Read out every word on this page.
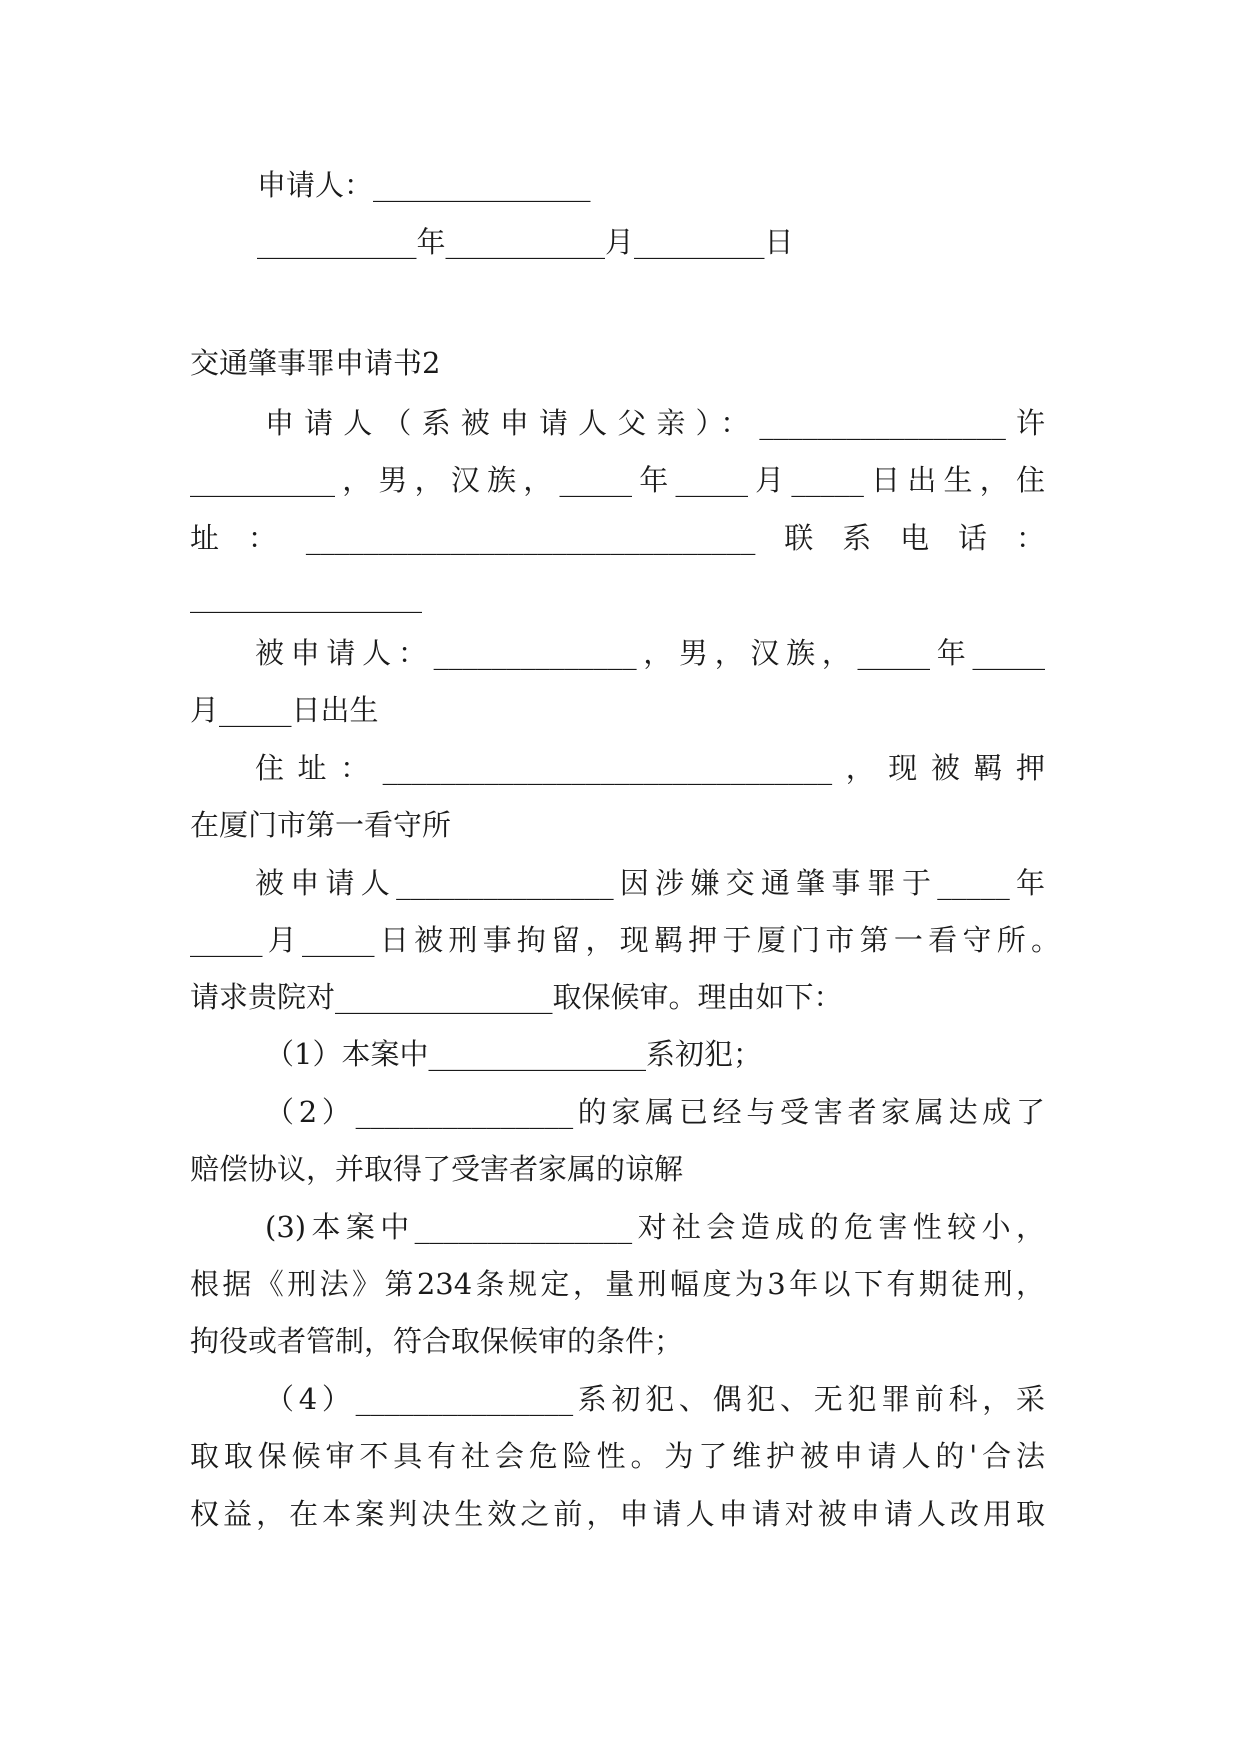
申请人：_______________

___________年___________月_________日

交通肇事罪申请书2

申请人（系被申请人父亲）：_________________许

__________，男，汉族，_____年_____月_____日出生，住

址：_______________________________联系电话：

________________

被申请人：______________，男，汉族，_____年_____

月_____日出生

住址：_______________________________，现被羁押

在厦门市第一看守所

被申请人_______________因涉嫌交通肇事罪于_____年

_____月_____日被刑事拘留，现羁押于厦门市第一看守所。

请求贵院对_______________取保候审。理由如下：

（1）本案中_______________系初犯；

（2）_______________的家属已经与受害者家属达成了

赔偿协议，并取得了受害者家属的谅解

(3)本案中_______________对社会造成的危害性较小，

根据《刑法》第234条规定，量刑幅度为3年以下有期徒刑，

拘役或者管制，符合取保候审的条件；

（4）_______________系初犯、偶犯、无犯罪前科，采

取取保候审不具有社会危险性。为了维护被申请人的'合法

权益，在本案判决生效之前，申请人申请对被申请人改用取
